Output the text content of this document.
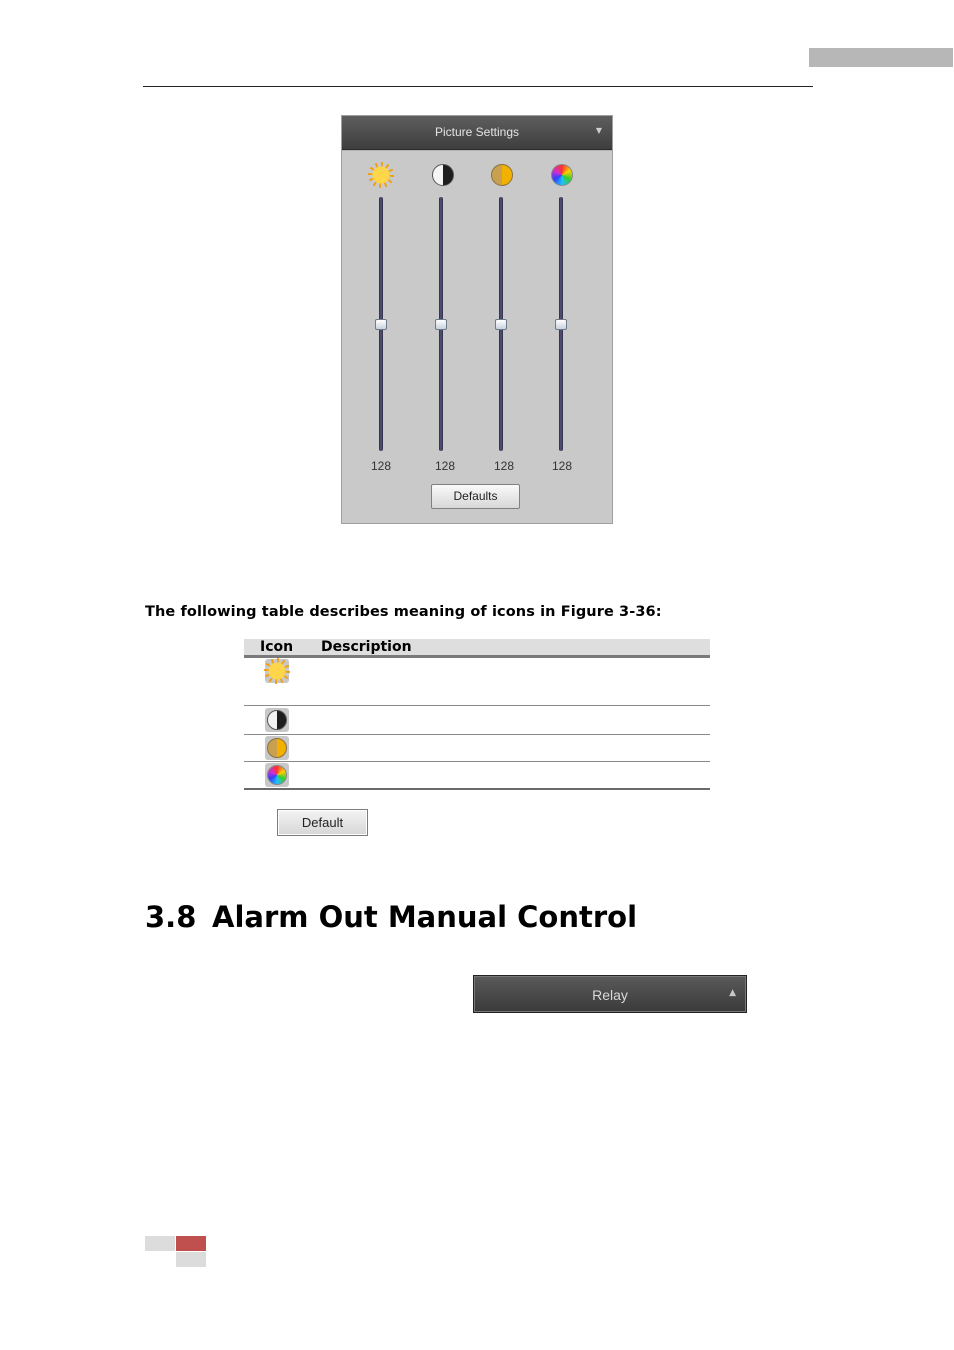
Picture Settings	▼
128	128	128	128
Defaults
The following table describes meaning of icons in Figure 3-36:
Icon Description
Default
3.8 Alarm Out Manual Control
Relay	▲
